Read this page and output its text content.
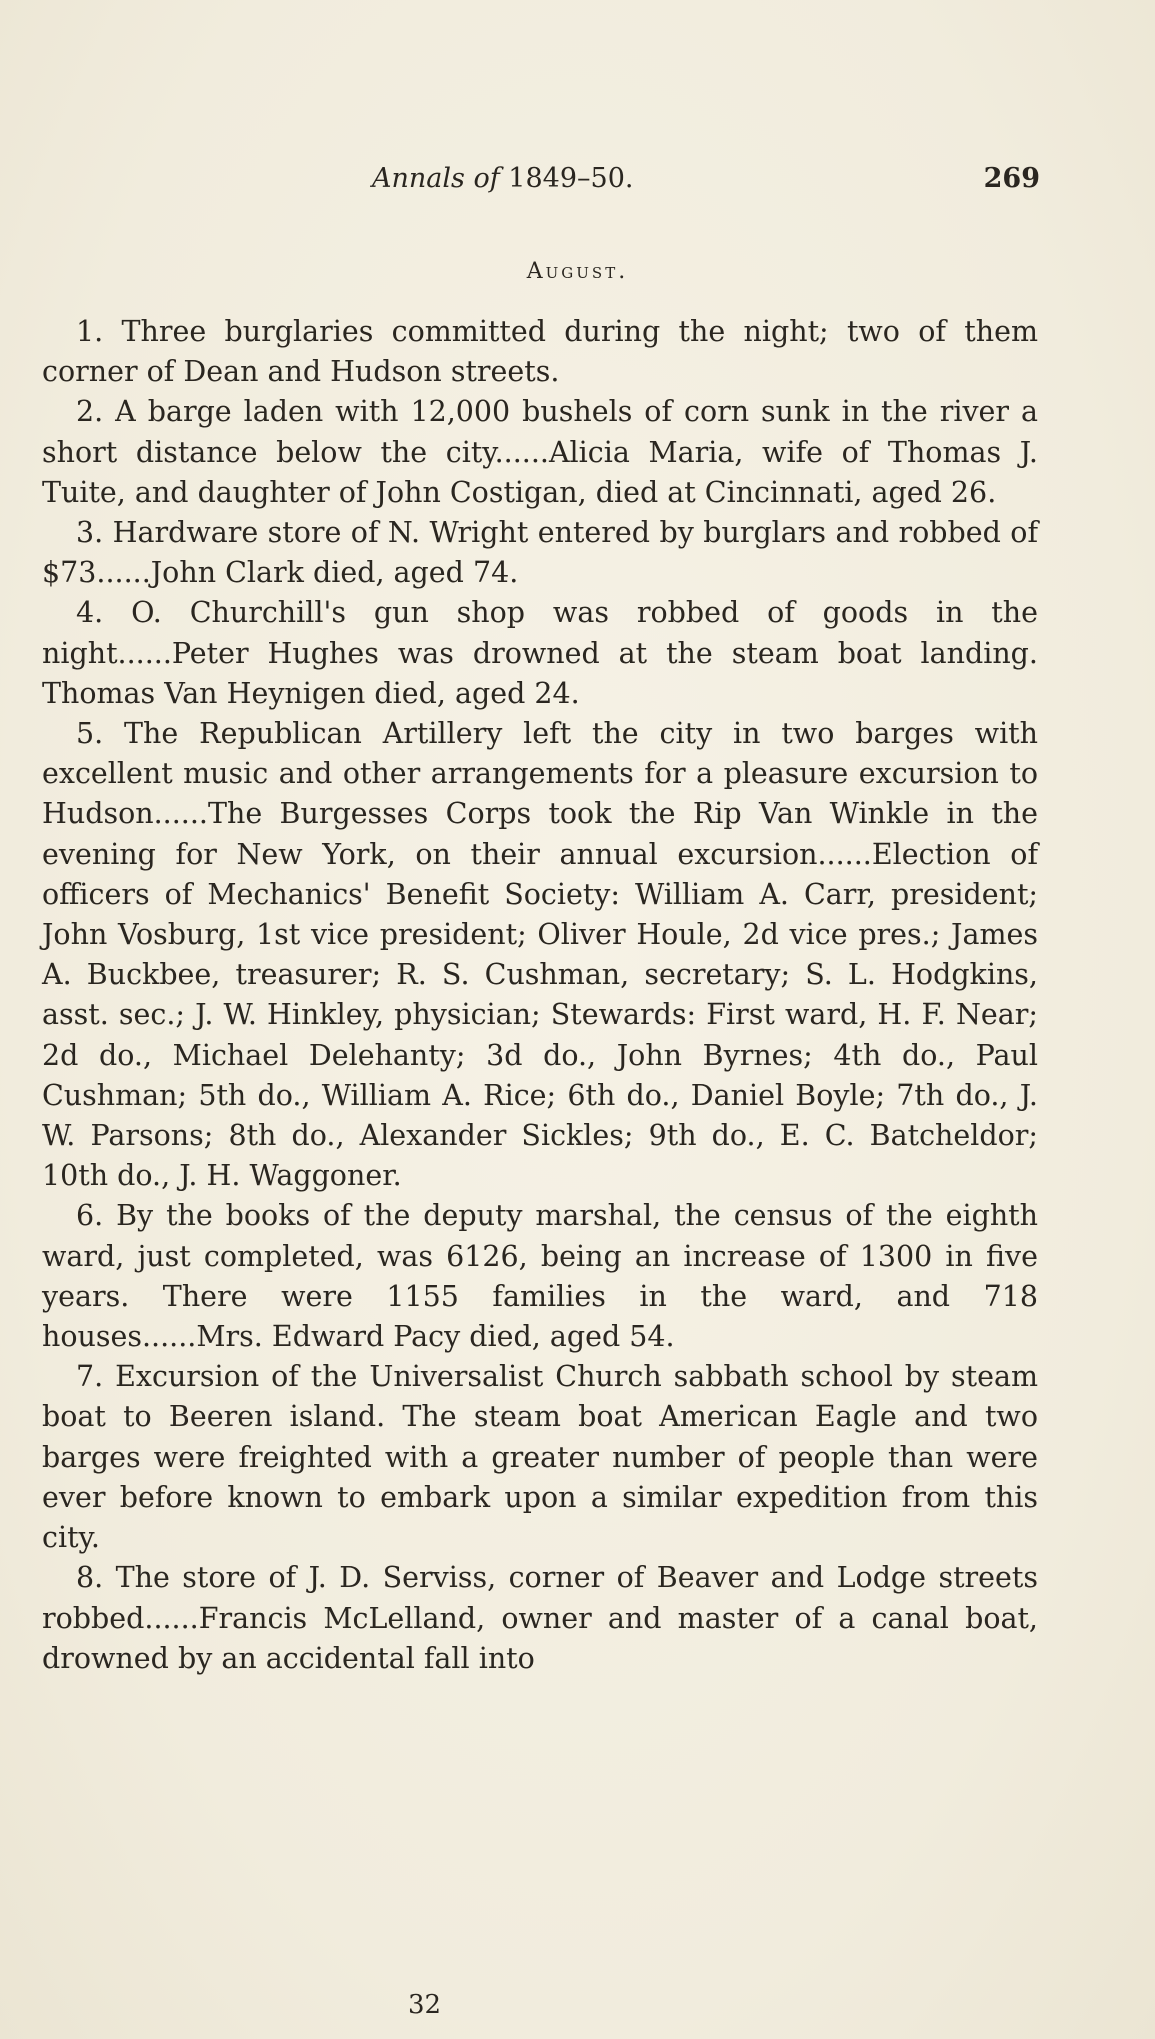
Annals of 1849–50.	269
August.

1. Three burglaries committed during the night; two of them corner of Dean and Hudson streets.

2. A barge laden with 12,000 bushels of corn sunk in the river a short distance below the city......Alicia Maria, wife of Thomas J. Tuite, and daughter of John Costigan, died at Cincinnati, aged 26.

3. Hardware store of N. Wright entered by burglars and robbed of $73......John Clark died, aged 74.

4. O. Churchill's gun shop was robbed of goods in the night......Peter Hughes was drowned at the steam boat landing. Thomas Van Heynigen died, aged 24.

5. The Republican Artillery left the city in two barges with excellent music and other arrangements for a pleasure excursion to Hudson......The Burgesses Corps took the Rip Van Winkle in the evening for New York, on their annual excursion......Election of officers of Mechanics' Benefit Society: William A. Carr, president; John Vosburg, 1st vice president; Oliver Houle, 2d vice pres.; James A. Buckbee, treasurer; R. S. Cushman, secretary; S. L. Hodgkins, asst. sec.; J. W. Hinkley, physician; Stewards: First ward, H. F. Near; 2d do., Michael Delehanty; 3d do., John Byrnes; 4th do., Paul Cushman; 5th do., William A. Rice; 6th do., Daniel Boyle; 7th do., J. W. Parsons; 8th do., Alexander Sickles; 9th do., E. C. Batcheldor; 10th do., J. H. Waggoner.

6. By the books of the deputy marshal, the census of the eighth ward, just completed, was 6126, being an increase of 1300 in five years. There were 1155 families in the ward, and 718 houses......Mrs. Edward Pacy died, aged 54.

7. Excursion of the Universalist Church sabbath school by steam boat to Beeren island. The steam boat American Eagle and two barges were freighted with a greater number of people than were ever before known to embark upon a similar expedition from this city.

8. The store of J. D. Serviss, corner of Beaver and Lodge streets robbed......Francis McLelland, owner and master of a canal boat, drowned by an accidental fall into

32
